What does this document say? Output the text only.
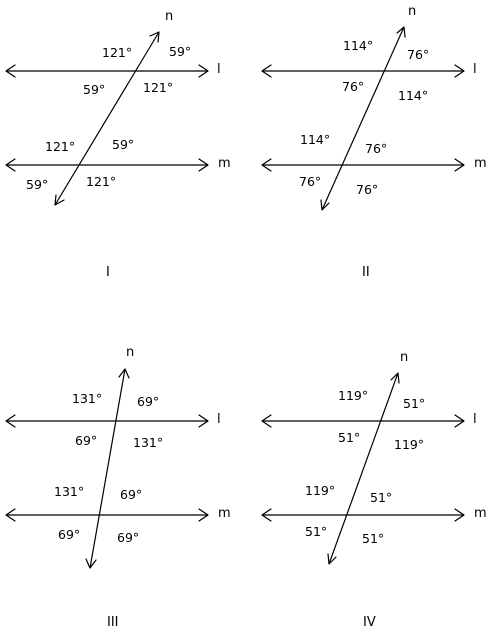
l
m
n
121°	59°
59°	121°
121°	59°
59°	121°
I
l
m
n
114°
76°
76°
114°
114°
76°
76°
76°
II
l
m
n
131°	69°
69°	131°
131°	69°
69°	69°
III
l
m
n
119°
51°
51°	119°
119°	51°
51°	51°
IV
